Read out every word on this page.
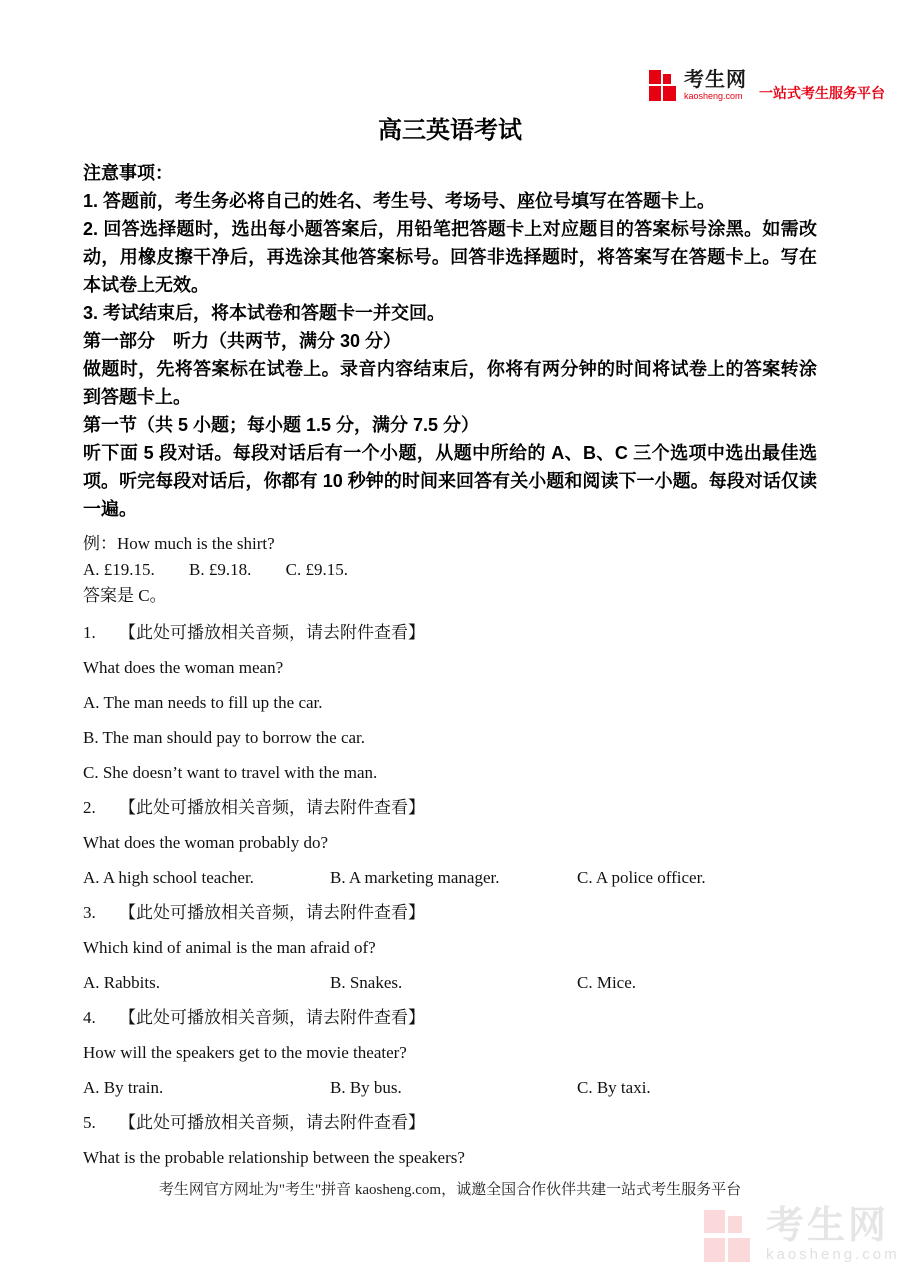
考生网
kaosheng.com	一站式考生服务平台
高三英语考试
注意事项：
1. 答题前，考生务必将自己的姓名、考生号、考场号、座位号填写在答题卡上。
2. 回答选择题时，选出每小题答案后，用铅笔把答题卡上对应题目的答案标号涂黑。如需改动，用橡皮擦干净后，再选涂其他答案标号。回答非选择题时，将答案写在答题卡上。写在本试卷上无效。
3. 考试结束后，将本试卷和答题卡一并交回。
第一部分　听力（共两节，满分 30 分）
做题时，先将答案标在试卷上。录音内容结束后，你将有两分钟的时间将试卷上的答案转涂到答题卡上。
第一节（共 5 小题；每小题 1.5 分，满分 7.5 分）
听下面 5 段对话。每段对话后有一个小题，从题中所给的 A、B、C 三个选项中选出最佳选项。听完每段对话后，你都有 10 秒钟的时间来回答有关小题和阅读下一小题。每段对话仅读一遍。
例：How much is the shirt?
A. £19.15. B. £9.18. C. £9.15.
答案是 C。
1. 【此处可播放相关音频，请去附件查看】
What does the woman mean?
A. The man needs to fill up the car.
B. The man should pay to borrow the car.
C. She doesn’t want to travel with the man.
2. 【此处可播放相关音频，请去附件查看】
What does the woman probably do?
A. A high school teacher.	B. A marketing manager.	C. A police officer.
3. 【此处可播放相关音频，请去附件查看】
Which kind of animal is the man afraid of?
A. Rabbits.	B. Snakes.	C. Mice.
4. 【此处可播放相关音频，请去附件查看】
How will the speakers get to the movie theater?
A. By train.	B. By bus.	C. By taxi.
5. 【此处可播放相关音频，请去附件查看】
What is the probable relationship between the speakers?
考生网官方网址为"考生"拼音 kaosheng.com，诚邀全国合作伙伴共建一站式考生服务平台
考生网
kaosheng.com
